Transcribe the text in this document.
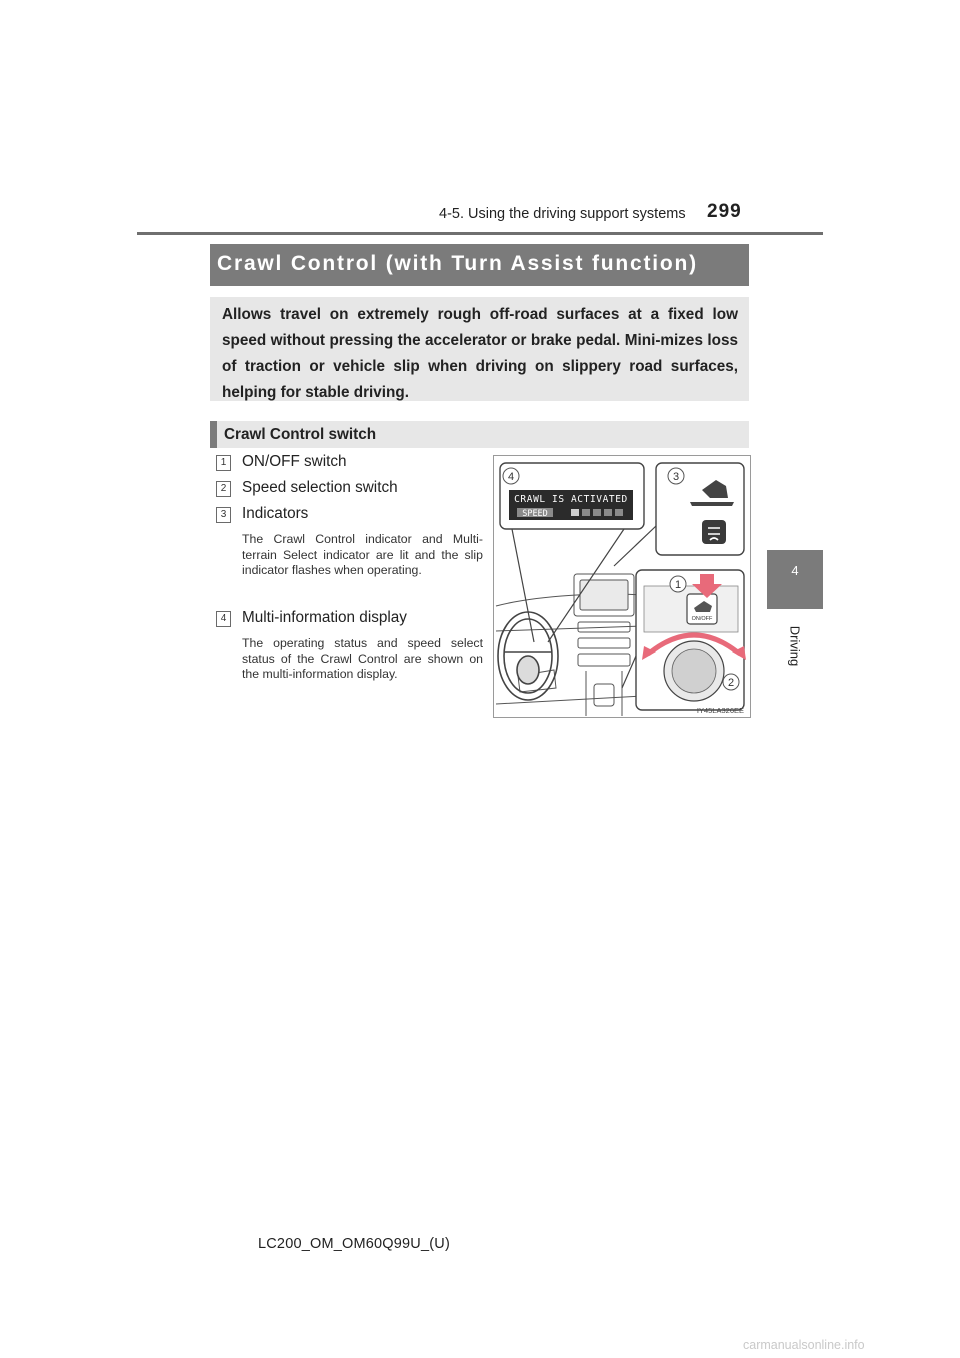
4-5. Using the driving support systems 299
4
Driving
Crawl Control (with Turn Assist function)
Allows travel on extremely rough off-road surfaces at a fixed low speed without pressing the accelerator or brake pedal. Mini-mizes loss of traction or vehicle slip when driving on slippery road surfaces, helping for stable driving.
Crawl Control switch
1	ON/OFF switch
2	Speed selection switch
3	Indicators
The Crawl Control indicator and Multi-terrain Select indicator are lit and the slip indicator flashes when operating.
4	Multi-information display
The operating status and speed select status of the Crawl Control are shown on the multi-information display.
CRAWL IS ACTIVATED
SPEED
ON/OFF
4	3
1
2
IY45LA326EE
LC200_OM_OM60Q99U_(U)
carmanualsonline.info
